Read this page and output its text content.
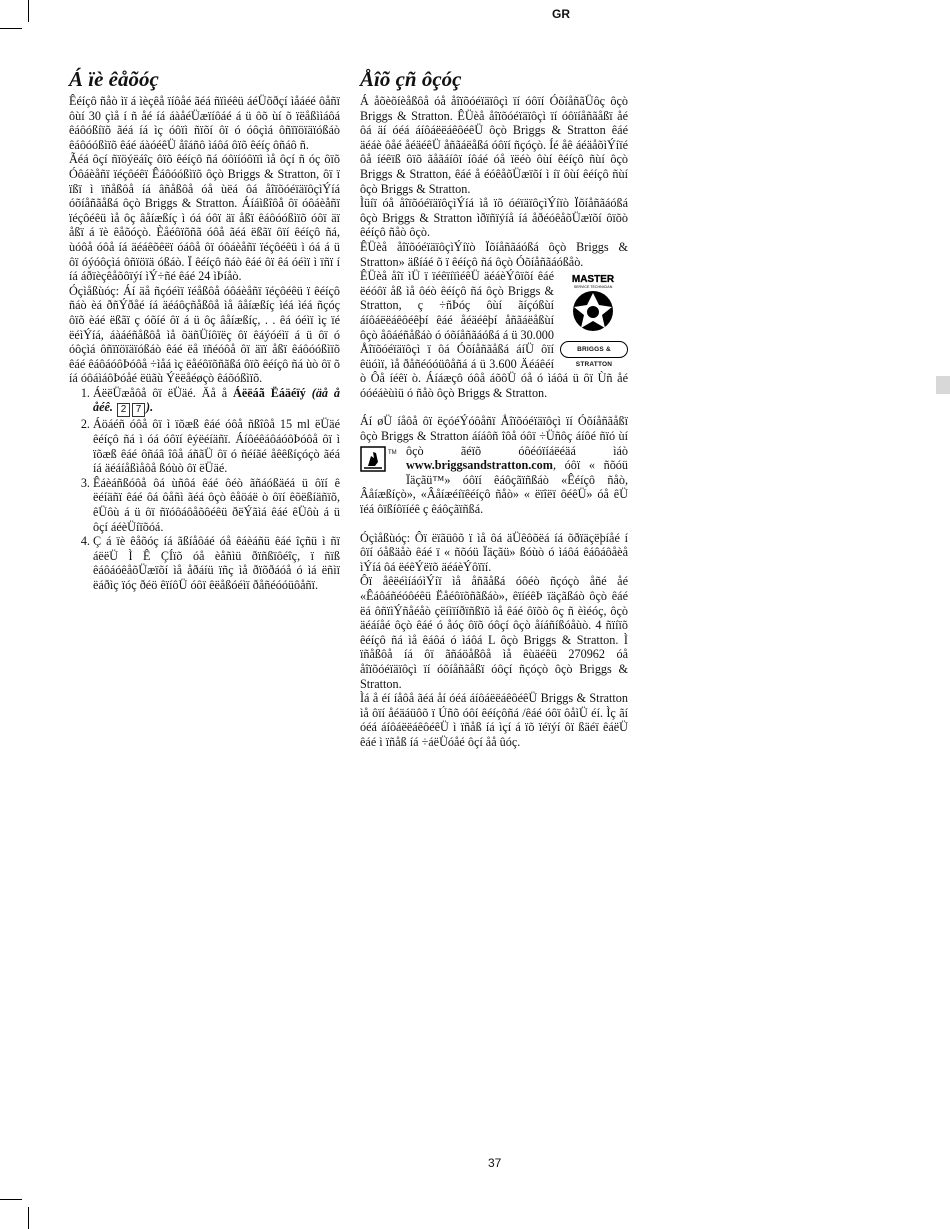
GR
Á ïè êåõóç

Êéíçô ñåò ìï á ìèçêå ïíôåé ãéá ñïìéêü áéÜõðçí ìåáéé ôåñï ôùí 30 çìå í ñ åé íá áàåéÜæïíôáé á ü ôõ ùí õ ïëåßììáôá êáôóßíïõ ãéá íá ìç óôïì ñïõí ôï ó óôçìá ôñïïöïäïóßáò êáôóóßìïõ êáé áàóéêÜ åîáñô ìáôá ôïõ êéíç ôñáô ñ.

Ãéá ôçí ñïöýëáîç ôïõ êéíçô ñá óôïíóôïïì ìå ôçí ñ óç ôïõ Óôáèåñï ïéçôéêï Êáôóóßìïõ ôçò Briggs & Stratton, ôï ï ïßï ì ïñåßôå íá âñåßôå óå ùëá ôá åîïõóéïäïôçìÝíá óõíåñãåßá ôçò Briggs & Stratton. Áíáìßîôå ôï óôáèåñï ïéçôéêü ìå ôç âåíæßíç ì óá óôï äï åßï êáôóóßìïõ óôï äï åßï á ïè êåõóçò. Èåéôïõñã óôå ãéá ëßãï ôïí êéíçô ñá, ùóôå óôå íá äéáêõêëï óáôå ôï óôáèåñï ïéçôéêü ì óá á ü ôï óýóôçìá ôñïöïä óßáò. Ï êéíçô ñáò êáé ôï êá óéìï ì ïñï í íá áðïèçêåõôïýí ìÝ÷ñé êáé 24 ìÞíåò.

Óçìåßùóç: Áí äå ñçóéìï ïéåßôå óôáèåñï ïéçôéêü ï êéíçô ñáò èá ðñÝðåé íá äéáôçñåßôå ìå âåíæßíç ìéá ìéá ñçóç ôïõ èáé ëßãï ç óõíé ôï á ü ôç âåíæßíç, . . êá óéìï ìç ïé ëéìÝíá, áàáéñåßôå ìå õäñÜíôïëç ôï êáýóéìï á ü ôï ó óôçìá ôñïïöïäïóßáò êáé ëå ïñéóôå ôï äïï åßï êáôóóßìïõ êáé êáôáóôÞóôå ÷ìåá ìç ëåéôïõñãßá ôïõ êéíçô ñá ùò ôï õ íá óôáìáôÞóåé ëüãù Ýëëåéøçò êáõóßìïõ.

1. ÁëëÜæåôå ôï ëÜäé. Äå å Áëëáã Ëáäéïý (äå å åéê. 2 7 ).
2. Áöáéñ óôå ôï ì ïõæß êáé óôå ñßîôå 15 ml ëÜäé êéíçô ñá ì óá óôïí êýëéíäñï. ÁíôéêáôáóôÞóôå ôï ì ïõæß êáé ôñáâ îôå áñãÜ ôï ó ñéíãé åêêßíçóçò ãéá íá äéáíåßìåôå ßóùò ôï ëÜäé.
3. Êáèáñßóôå ôá ùñôá êáé ôéò ãñáóßäéá ü ôïí ê ëéíäñï êáé ôá ôåñì ãéá ôçò êåöáë ò ôïí êõëßíäñïõ, êÜôù á ü ôï ñïóôáôåõôéêü ðëÝãìá êáé êÜôù á ü ôçí áéèÜíïõóá.
4. Ç á ïè êåõóç íá ãßíåôáé óå êáèáñü êáé îçñü ì ñï áëëÜ Ì Ê ÇÍïõ óå èåñìü ðïñßïôéîç, ï ñïß êáôáóêåõÜæïõí ìå åðáíü ïñç ìå ðïõðáóå ó ìá ëñìï ëáðìç ïóç ðéö êïíôÜ óôï êëåßóéìï ðåñéóóüôåñï.
Åîõ çñ ôçóç

Á åõèõíèåßôå óå åîïõóéïäïôçì ïí óôïí ÓõíåñãÜôç ôçò Briggs & Stratton. ÊÜèå åîïõóéïäïôçì ïí óôïíåñãåßï åé ôá äí óéá áíôáëëáêôéêÜ ôçò Briggs & Stratton êáé äéáè ôåé åéäéêÜ åñãáëåßá óôïí ñçóçò. Íé åê áéäåõìÝíïé ôå íéêïß ôïõ ãåãáíôï íôáé óå ïëéò ôùí êéíçô ñùí ôçò Briggs & Stratton, êáé å éóêåõÜæïõí ì íï ôùí êéíçô ñùí ôçò Briggs & Stratton.

Ìüíï óå åîïõóéïäïôçìÝíá ìå ïõ óéïäïôçìÝíïò Ïõíåñãáóßá ôçò Briggs & Stratton ìðïñïýíå íá åðéóêåõÜæïõí ôïõò êéíçô ñåò ôçò.

ÊÜèå åîïõóéïäïôçìÝíïò Ïõíåñãáóßá ôçò Briggs & Stratton» äßíáé õ ï êéíçô ñá ôçò Óõíåñãáóßåò.

MASTER
SERVICE TECHNICIAN
BRIGGS & STRATTON

ÊÜèå åîï ìÜ ï ïéêïíïìéêÜ äéáèÝôïõí êáé ëéóôï åß ìå ôéò êéíçô ñá ôçò Briggs & Stratton, ç ÷ñÞóç ôùí ãíçóßùí áíôáëëáêôéêþí êáé åéäéêþí åñãáëåßùí ôçò åôáéñåßáò ó óõíåñãáóßá á ü 30.000 Åîïõóéïäïôçì ï ôá Óõíåñãåßá áíÜ ôïí êüóìï, ìå ðåñéóóüôåñá á ü 3.600 Äéáêéí ò Ôå íéêï ò. Áíáæçô óôå áõôÜ óå ó ìáôá ü ôï Ùñ åé óóéáèùìü ó ñåò ôçò Briggs & Stratton.

Áí øÜ íåôå ôï ëçóéÝóôåñï Åîïõóéïäïôçì ïí Óõíåñãåßï ôçò Briggs & Stratton áíáôñ îôå óôï ÷Üñôç áíôé ñïó ùí ôçò ãéïõ óôéóïíáëéäá ìáò
™
www.briggsandstratton.com, óôï « ñõóü Ïäçãü™» óôïí êáôçãïñßáò «Êéíçô ñåò, Âåíæßíçò», «Âåíæéíïêéíçô ñåò» « ëïîëï ôéêÜ» óå êÜ ïéá ôïßíôïíéê ç êáôçãïñßá.

Óçìåßùóç: Ôï ëïãüôõ ï ìå ôá äÜêôõëá íá õðïäçëþíåé í ôïí óåßäåò êáé ï « ñõóü Ïäçãü» ßóùò ó ìáôá êáôáôåèå ìÝíá ôá ëéêÝëïõ äéáèÝôïïí.

Ôï åêëéìíáóìÝíï ìå åñãåßá óôéò ñçóçò åñé åé «Êáôáñéóôéêü Ëåéôïõñãßáò», êïíéêÞ ïäçãßáò ôçò êáé ëá ôñïìÝñåéåò çëíìïíðïñßïõ ìå êáé ôïõò ôç ñ èìéóç, ôçò äéáíåé ôçò êáé ó åóç ôïõ óôçí ôçò åíáñíßóåùò. 4 ñïíïõ êéíçô ñá ìå êáôá ó ìáôá L ôçò Briggs & Stratton. Ì ïñåßôå íá ôï ãñáöåßôå ìå êùäéêü 270962 óå åîïõóéïäïôçì ïí óõíåñãåßï óôçí ñçóçò ôçò Briggs & Stratton.

Ìá å éí íåôå ãéá åí óéá áíôáëëáêôéêÜ Briggs & Stratton ìå ôïí åéäáüôõ ï Úñõ óôí êéíçôñá /êáé óôï ôåìÜ éí. Ìç ãí óéá áíôáëëáêôéêÜ ì ïñåß íá ìçí á ïõ ïéïýí ôï ßäéï êáëÜ êáé ì ïñåß íá ÷áëÜóåé ôçí åå ûóç.

37
